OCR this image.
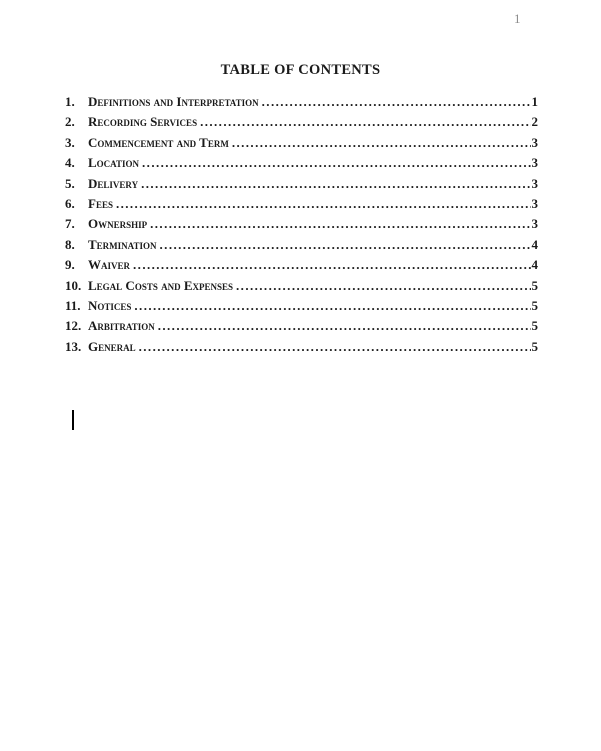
1
TABLE OF CONTENTS
1.	Definitions and Interpretation .....	1
2.	Recording Services .....	2
3.	Commencement and Term .....	3
4.	Location .....	3
5.	Delivery .....	3
6.	Fees .....	3
7.	Ownership .....	3
8.	Termination .....	4
9.	Waiver .....	4
10. Legal Costs and Expenses .....	5
11. Notices .....	5
12. Arbitration .....	5
13. General .....	5
